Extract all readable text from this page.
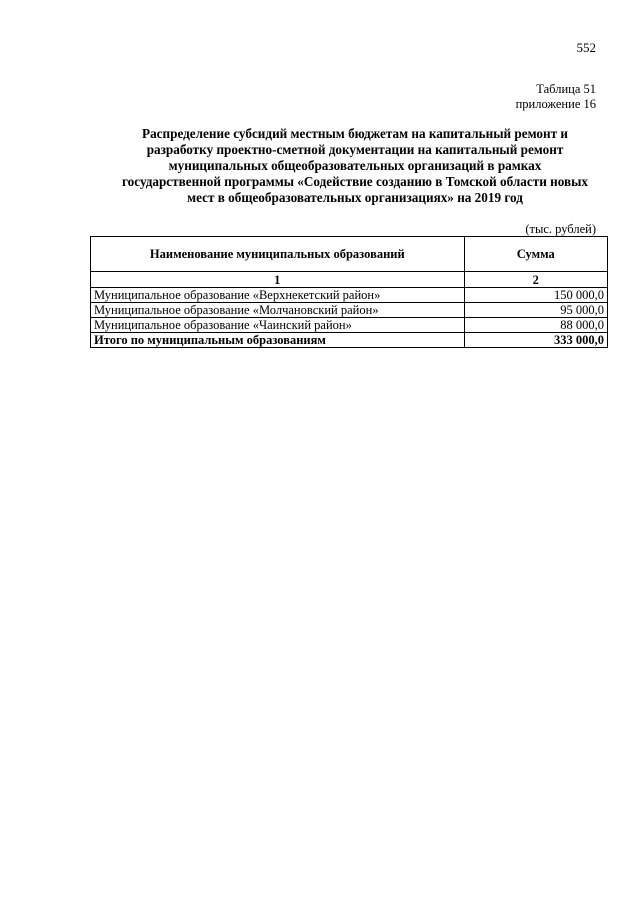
552
Таблица 51
приложение 16
Распределение субсидий местным бюджетам на капитальный ремонт и
разработку проектно-сметной документации на капитальный ремонт
муниципальных общеобразовательных организаций в рамках
государственной программы «Содействие созданию в Томской области новых
мест в общеобразовательных организациях» на 2019 год
(тыс. рублей)
Наименование муниципальных образований	Сумма
1	2
Муниципальное образование «Верхнекетский район»	150 000,0
Муниципальное образование «Молчановский район»	95 000,0
Муниципальное образование «Чаинский район»	88 000,0
Итого по муниципальным образованиям	333 000,0
